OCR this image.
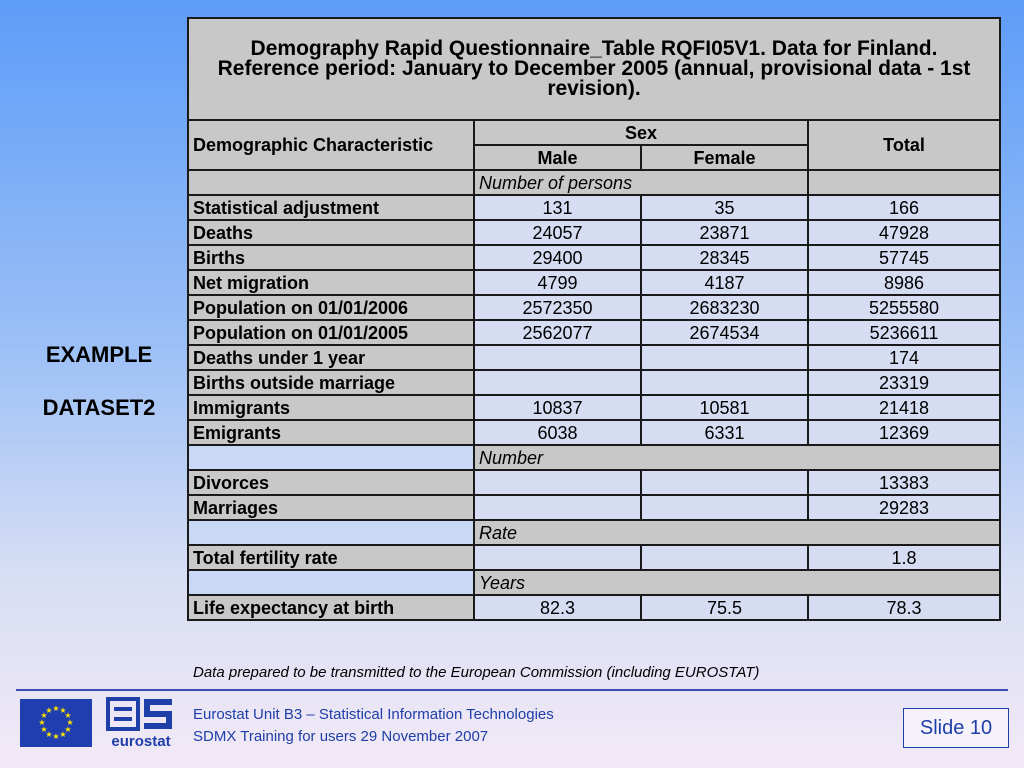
EXAMPLE
DATASET2
Demography Rapid Questionnaire_Table RQFI05V1. Data for Finland. Reference period: January to December 2005 (annual, provisional data - 1st revision).			
Demographic Characteristic	Sex		Total
	Male	Female	
	Number of persons		
Statistical adjustment	131	35	166
Deaths	24057	23871	47928
Births	29400	28345	57745
Net migration	4799	4187	8986
Population on 01/01/2006	2572350	2683230	5255580
Population on 01/01/2005	2562077	2674534	5236611
Deaths under 1 year			174
Births outside marriage			23319
Immigrants	10837	10581	21418
Emigrants	6038	6331	12369
	Number		
Divorces			13383
Marriages			29283
	Rate		
Total fertility rate			1.8
	Years		
Life expectancy at birth	82.3	75.5	78.3
Data prepared to be transmitted to the European Commission (including EUROSTAT)
★ ★
★
★
★
★
★
★
★
★
★
★
eurostat
Eurostat Unit B3 – Statistical Information Technologies
SDMX Training for users 29 November 2007	Slide 10
